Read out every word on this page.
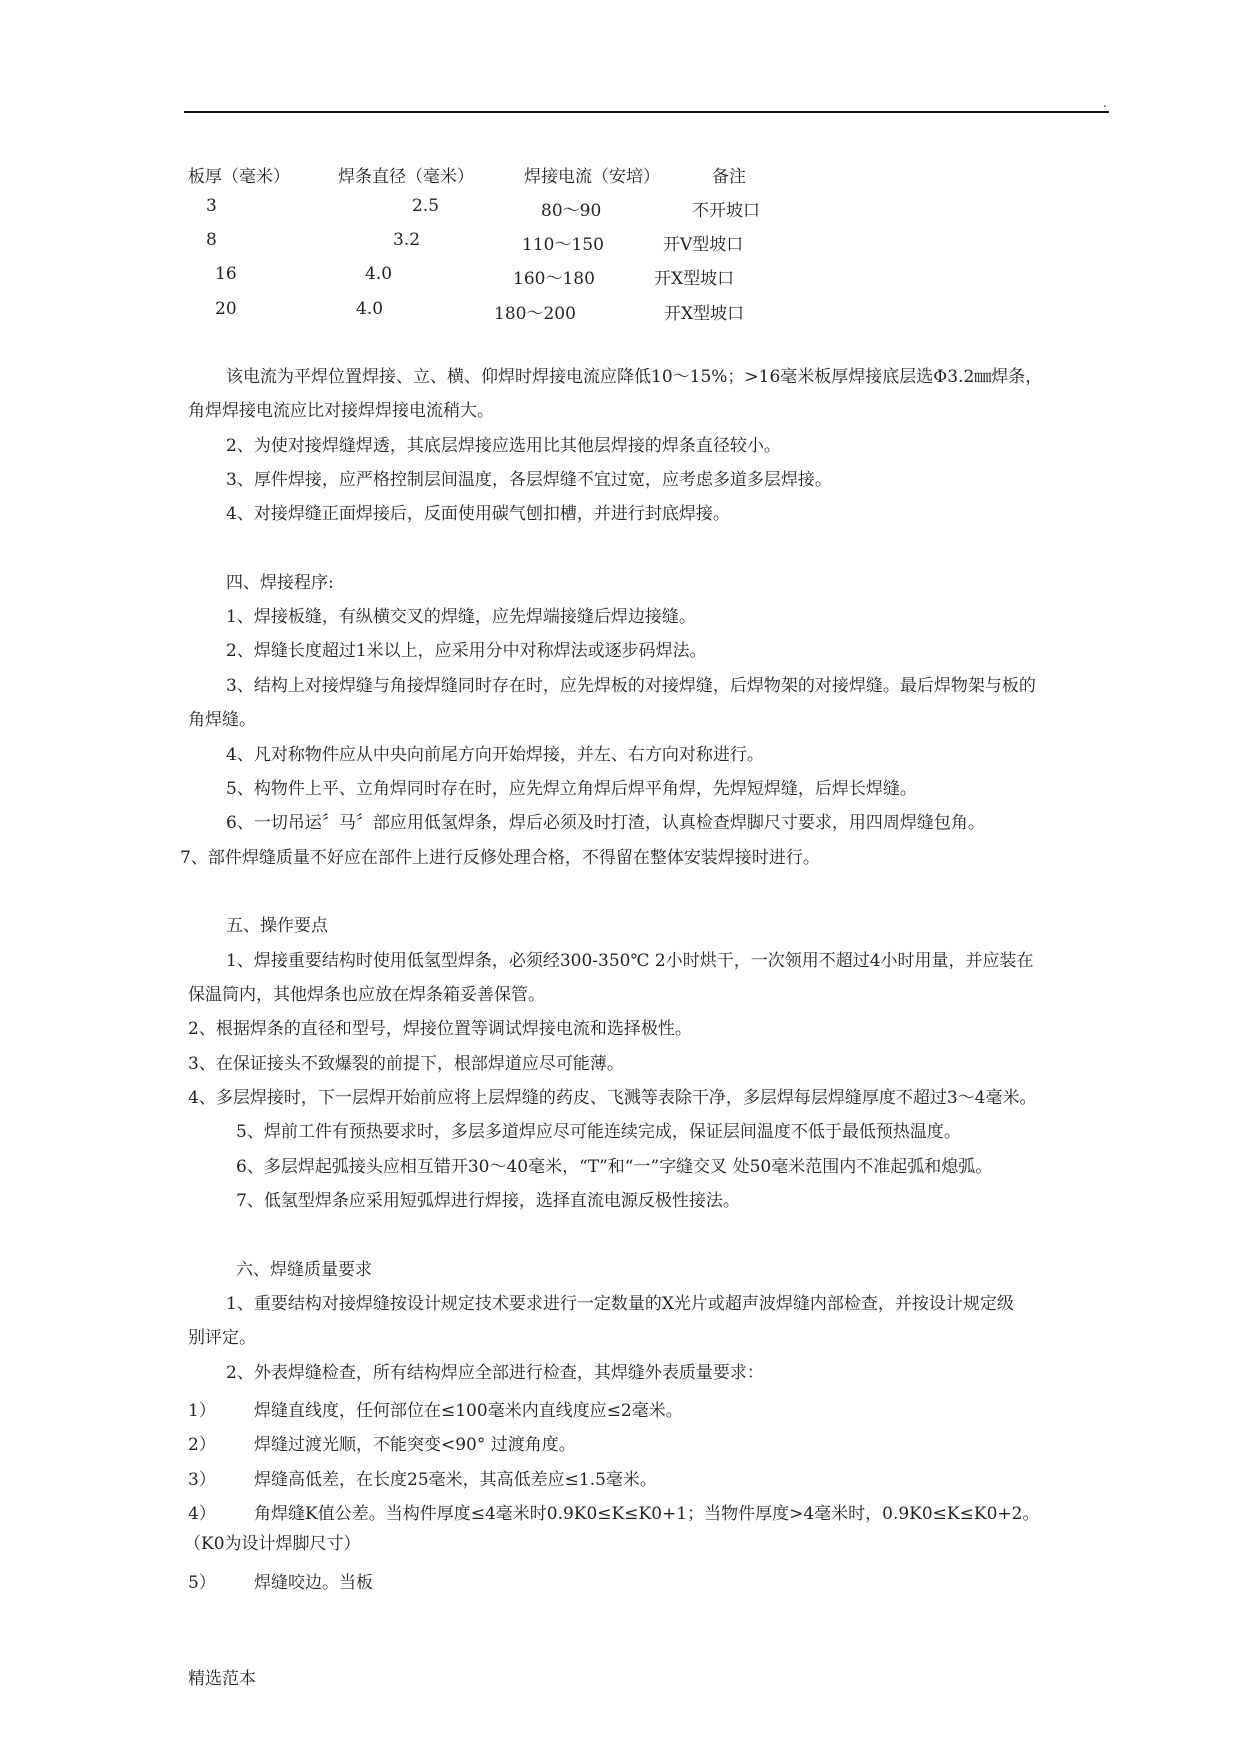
.
板厚（毫米）	焊条直径（毫米）	焊接电流（安培）	备注
3	2.5	80～90	不开坡口
8	3.2	110～150	开V型坡口
16	4.0	160～180	开X型坡口
20	4.0	180～200	开X型坡口
该电流为平焊位置焊接、立、横、仰焊时焊接电流应降低10～15%；>16毫米板厚焊接底层选Φ3.2㎜焊条，
角焊焊接电流应比对接焊焊接电流稍大。
2、为使对接焊缝焊透，其底层焊接应选用比其他层焊接的焊条直径较小。
3、厚件焊接，应严格控制层间温度，各层焊缝不宜过宽，应考虑多道多层焊接。
4、对接焊缝正面焊接后，反面使用碳气刨扣槽，并进行封底焊接。
四、焊接程序:
1、焊接板缝，有纵横交叉的焊缝，应先焊端接缝后焊边接缝。
2、焊缝长度超过1米以上，应采用分中对称焊法或逐步码焊法。
3、结构上对接焊缝与角接焊缝同时存在时，应先焊板的对接焊缝，后焊物架的对接焊缝。最后焊物架与板的
角焊缝。
4、凡对称物件应从中央向前尾方向开始焊接，并左、右方向对称进行。
5、构物件上平、立角焊同时存在时，应先焊立角焊后焊平角焊，先焊短焊缝，后焊长焊缝。
6、一切吊运〞马〞部应用低氢焊条，焊后必须及时打渣，认真检查焊脚尺寸要求，用四周焊缝包角。
7、部件焊缝质量不好应在部件上进行反修处理合格，不得留在整体安装焊接时进行。
五、操作要点
1、焊接重要结构时使用低氢型焊条，必须经300-350℃ 2小时烘干，一次领用不超过4小时用量，并应装在
保温筒内，其他焊条也应放在焊条箱妥善保管。
2、根据焊条的直径和型号，焊接位置等调试焊接电流和选择极性。
3、在保证接头不致爆裂的前提下，根部焊道应尽可能薄。
4、多层焊接时，下一层焊开始前应将上层焊缝的药皮、飞溅等表除干净，多层焊每层焊缝厚度不超过3～4毫米。
5、焊前工件有预热要求时，多层多道焊应尽可能连续完成，保证层间温度不低于最低预热温度。
6、多层焊起弧接头应相互错开30～40毫米，“T”和“一”字缝交叉 处50毫米范围内不准起弧和熄弧。
7、低氢型焊条应采用短弧焊进行焊接，选择直流电源反极性接法。
六、焊缝质量要求
1、重要结构对接焊缝按设计规定技术要求进行一定数量的X光片或超声波焊缝内部检查，并按设计规定级
别评定。
2、外表焊缝检查，所有结构焊应全部进行检查，其焊缝外表质量要求：
1） 焊缝直线度，任何部位在≤100毫米内直线度应≤2毫米。
2） 焊缝过渡光顺，不能突变<90° 过渡角度。
3） 焊缝高低差，在长度25毫米，其高低差应≤1.5毫米。
4） 角焊缝K值公差。当构件厚度≤4毫米时0.9K0≤K≤K0+1；当物件厚度>4毫米时，0.9K0≤K≤K0+2。
（K0为设计焊脚尺寸）
5） 焊缝咬边。当板
精选范本
